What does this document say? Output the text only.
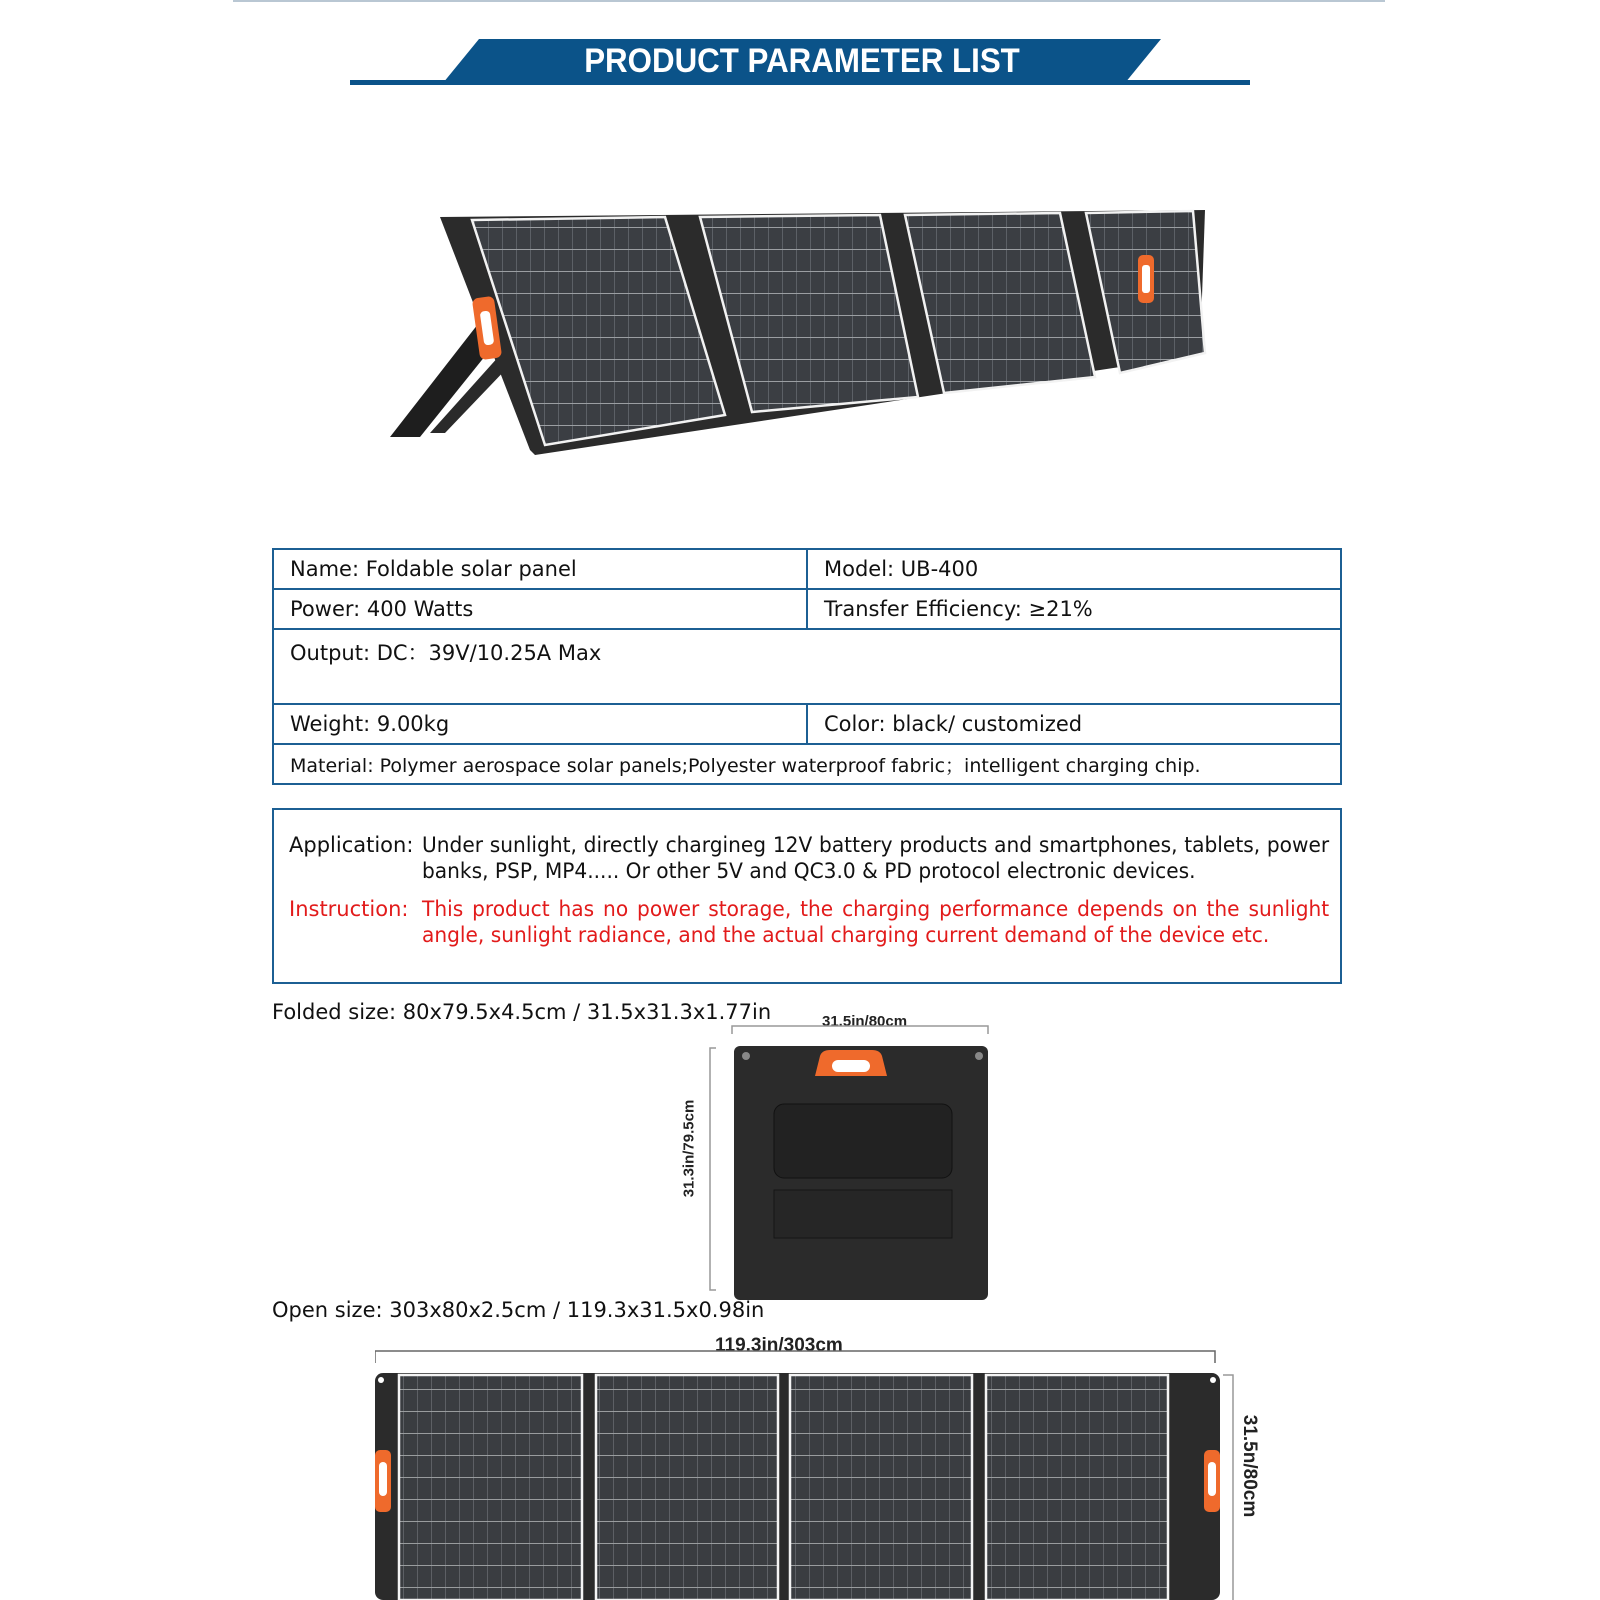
PRODUCT PARAMETER LIST
Name: Foldable solar panel	Model: UB-400
Power: 400 Watts	Transfer Efficiency: ≥21%
Output: DC：39V/10.25A Max	
Weight: 9.00kg	Color: black/ customized
Material: Polymer aerospace solar panels;Polyester waterproof fabric；intelligent charging chip.	
Application: Under sunlight, directly chargineg 12V battery products and smartphones, tablets, power banks, PSP, MP4..... Or other 5V and QC3.0 & PD protocol electronic devices.
Instruction: This product has no power storage, the charging performance depends on the sunlight angle, sunlight radiance, and the actual charging current demand of the device etc.
Folded size: 80x79.5x4.5cm / 31.5x31.3x1.77in	31.5in/80cm
31.3in/79.5cm
Open size: 303x80x2.5cm / 119.3x31.5x0.98in
119.3in/303cm
31.5n/80cm
